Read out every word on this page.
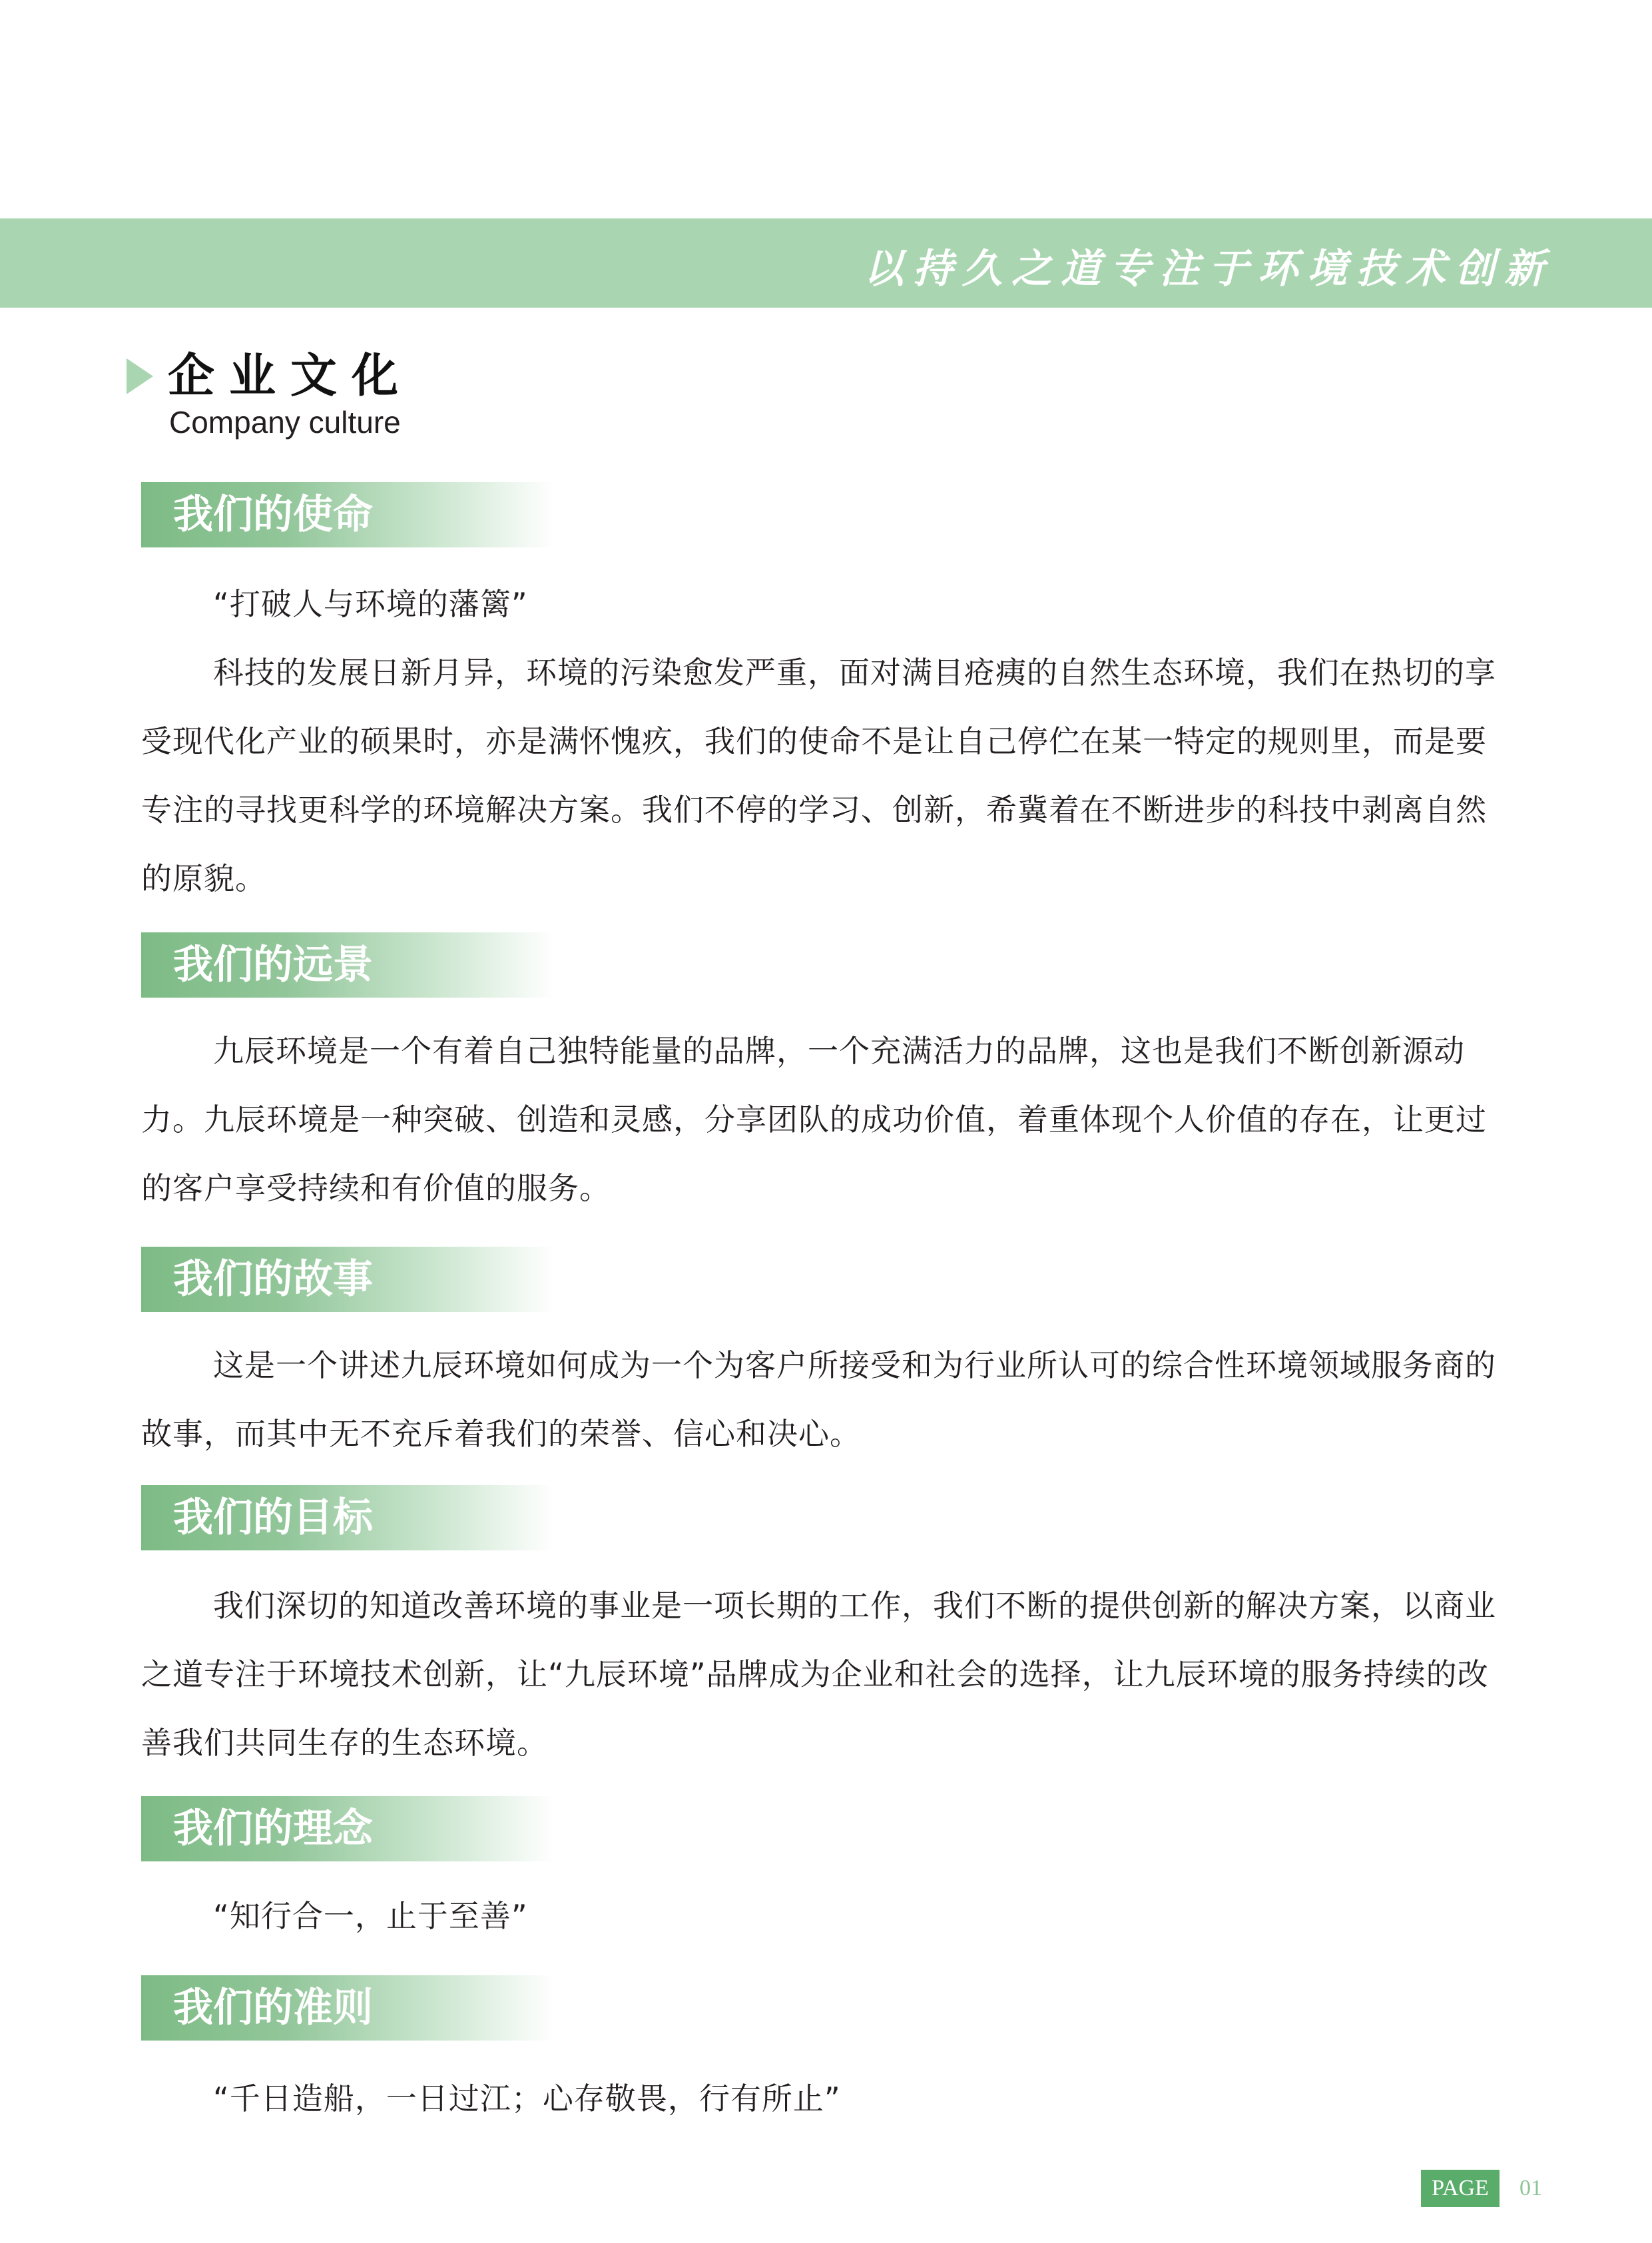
以持久之道专注于环境技术创新
企业文化
Company culture
我们的使命

“打破人与环境的藩篱”

科技的发展日新月异，环境的污染愈发严重，面对满目疮痍的自然生态环境，我们在热切的享受现代化产业的硕果时，亦是满怀愧疚，我们的使命不是让自己停伫在某一特定的规则里，而是要专注的寻找更科学的环境解决方案。我们不停的学习、创新，希冀着在不断进步的科技中剥离自然的原貌。

我们的远景

九辰环境是一个有着自己独特能量的品牌，一个充满活力的品牌，这也是我们不断创新源动力。九辰环境是一种突破、创造和灵感，分享团队的成功价值，着重体现个人价值的存在，让更过的客户享受持续和有价值的服务。

我们的故事

这是一个讲述九辰环境如何成为一个为客户所接受和为行业所认可的综合性环境领域服务商的故事，而其中无不充斥着我们的荣誉、信心和决心。

我们的目标

我们深切的知道改善环境的事业是一项长期的工作，我们不断的提供创新的解决方案，以商业之道专注于环境技术创新，让“九辰环境”品牌成为企业和社会的选择，让九辰环境的服务持续的改善我们共同生存的生态环境。

我们的理念

“知行合一，止于至善”

我们的准则

“千日造船，一日过江；心存敬畏，行有所止”

PAGE	01
